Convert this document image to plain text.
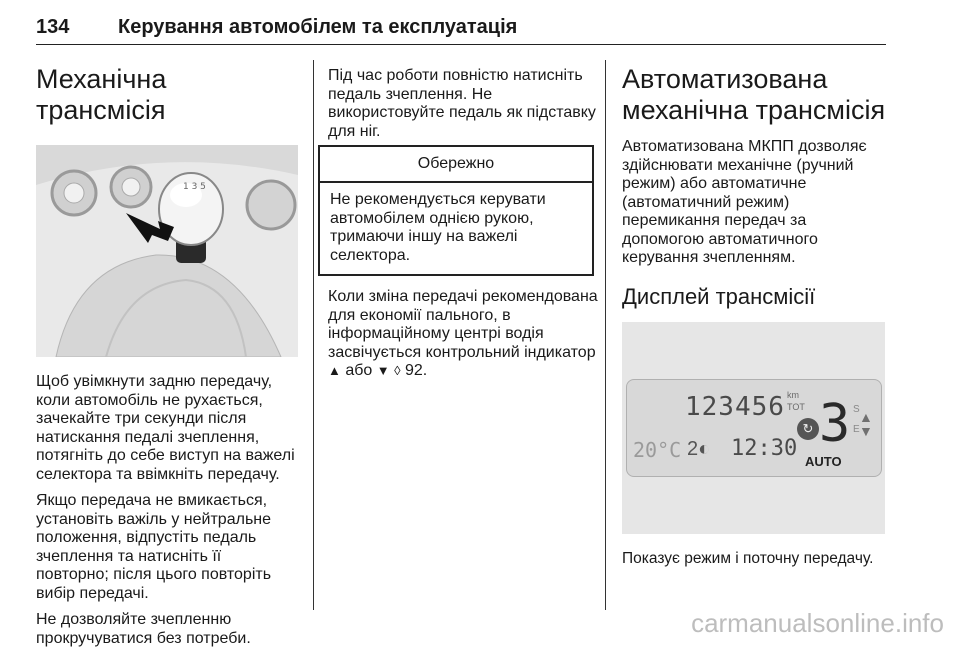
134 Керування автомобілем та експлуатація
Механічна трансмісія
1 3 5

Щоб увімкнути задню передачу, коли автомобіль не рухається, зачекайте три секунди після натискання педалі зчеплення, потягніть до себе виступ на важелі селектора та ввімкніть передачу.

Якщо передача не вмикається, установіть важіль у нейтральне положення, відпустіть педаль зчеплення та натисніть її повторно; після цього повторіть вибір передачі.

Не дозволяйте зчепленню прокручуватися без потреби.

Під час роботи повністю натисніть педаль зчеплення. Не використовуйте педаль як підставку для ніг.

Обережно
Не рекомендується керувати автомобілем однією рукою, тримаючи іншу на важелі селектора.

Коли зміна передачі рекомендована для економії пального, в інформаційному центрі водія засвічується контрольний індикатор ▲ або ▼ ◊ 92.

Автоматизована механічна трансмісія

Автоматизована МКПП дозволяє здійснювати механічне (ручний режим) або автоматичне (автоматичний режим) перемикання передач за допомогою автоматичного керування зчепленням.

Дисплей трансмісії
123456 km
TOT
20°C 2◐ 12:30
↻ 3 S
E
▲
▼
AUTO

Показує режим і поточну передачу.

carmanualsonline.info
